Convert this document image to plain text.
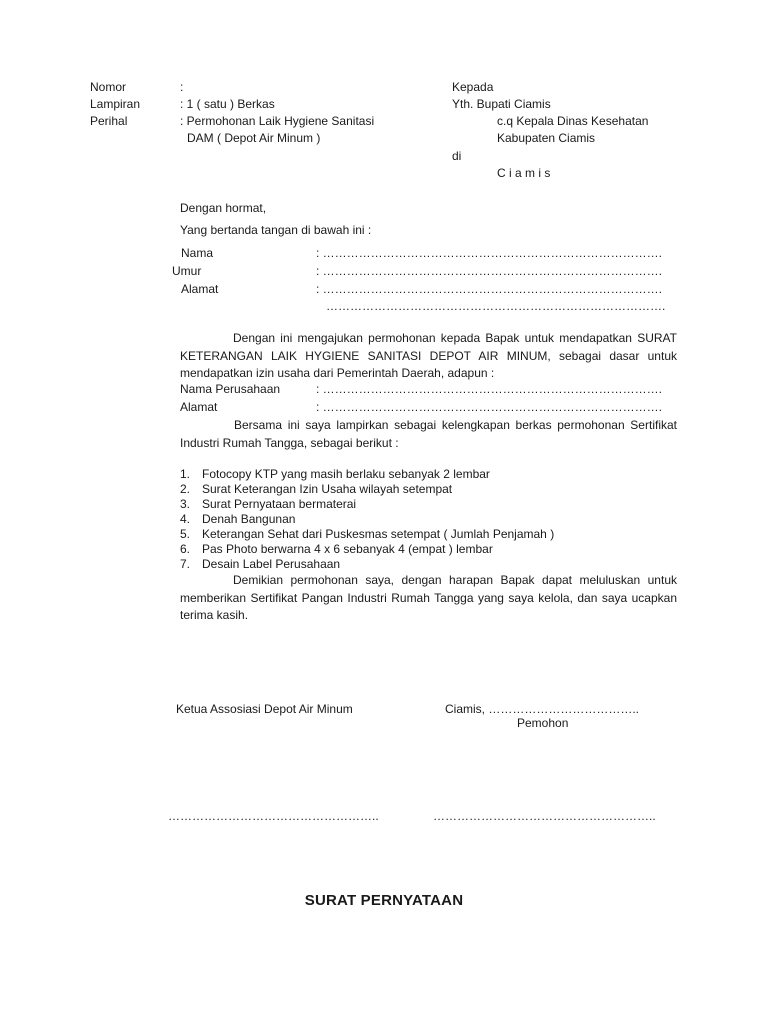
Nomor	:
Lampiran	: 1 ( satu ) Berkas
Perihal	: Permohonan Laik Hygiene Sanitasi
DAM ( Depot Air Minum )
Kepada
Yth. Bupati Ciamis
c.q Kepala Dinas Kesehatan
Kabupaten Ciamis
di
C i a m i s
Dengan hormat,
Yang bertanda tangan di bawah ini :
Nama	: ………………………………………………………………………….
Umur	: ………………………………………………………………………….
Alamat	: ………………………………………………………………………….
………………………………………………………………………….
Dengan ini mengajukan permohonan kepada Bapak untuk mendapatkan SURAT KETERANGAN LAIK HYGIENE SANITASI DEPOT AIR MINUM, sebagai dasar untuk mendapatkan izin usaha dari Pemerintah Daerah, adapun :
Nama Perusahaan	: ………………………………………………………………………….
Alamat	: ………………………………………………………………………….
Bersama ini saya lampirkan sebagai kelengkapan berkas permohonan Sertifikat Industri Rumah Tangga, sebagai berikut :
1. Fotocopy KTP yang masih berlaku sebanyak 2 lembar
2. Surat Keterangan Izin Usaha wilayah setempat
3. Surat Pernyataan bermaterai
4. Denah Bangunan
5. Keterangan Sehat dari Puskesmas setempat ( Jumlah Penjamah )
6. Pas Photo berwarna 4 x 6 sebanyak 4 (empat ) lembar
7. Desain Label Perusahaan
Demikian permohonan saya, dengan harapan Bapak dapat meluluskan untuk memberikan Sertifikat Pangan Industri Rumah Tangga yang saya kelola, dan saya ucapkan terima kasih.
Ketua Assosiasi Depot Air Minum	Ciamis, ………………………………..
Pemohon
……………………………………………..	………………………………………………..
SURAT PERNYATAAN
